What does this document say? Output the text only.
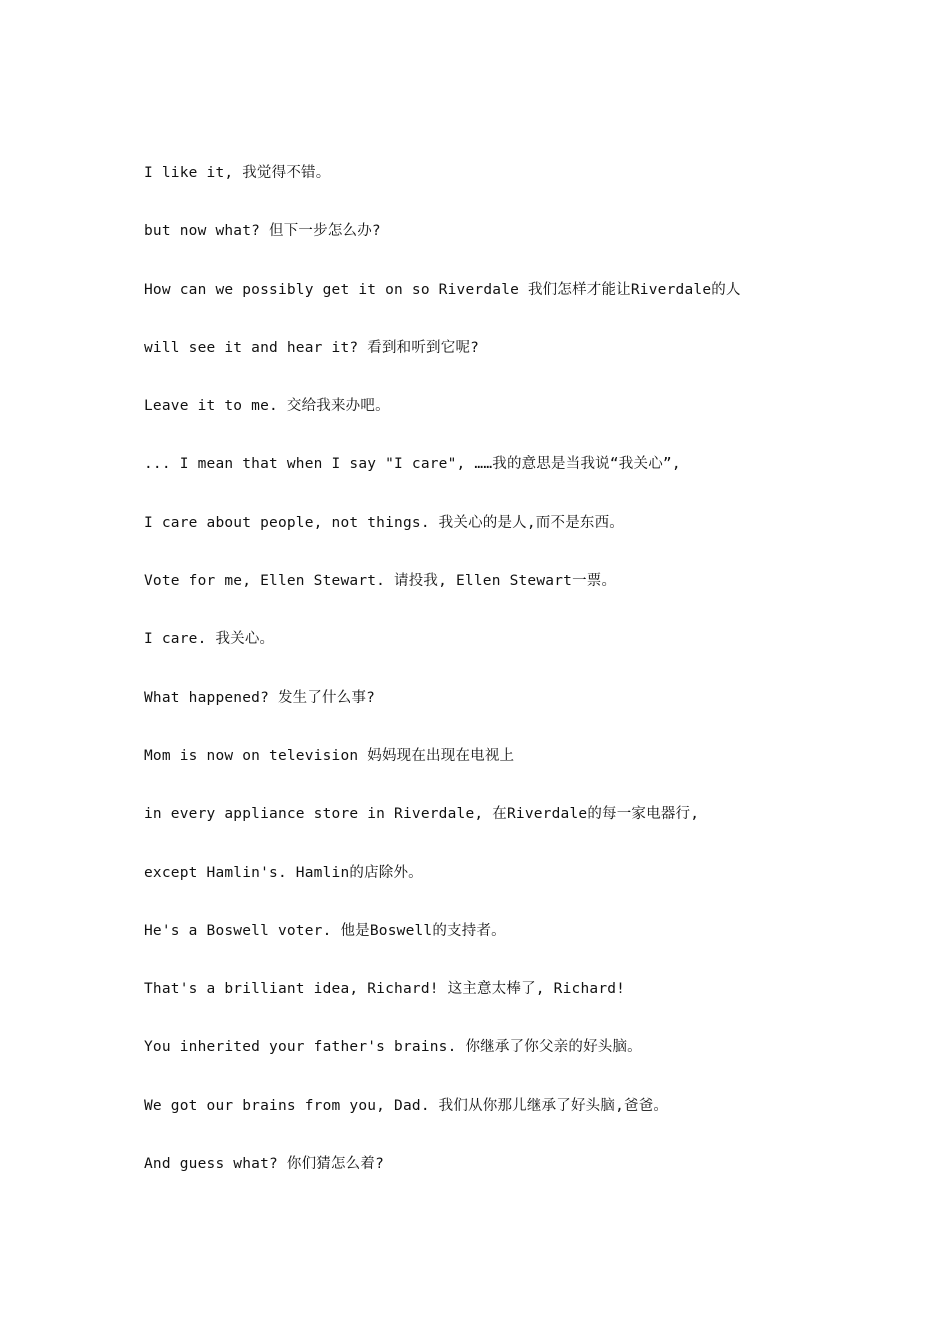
I like it, 我觉得不错。
but now what? 但下一步怎么办?
How can we possibly get it on so Riverdale 我们怎样才能让Riverdale的人
will see it and hear it? 看到和听到它呢?
Leave it to me. 交给我来办吧。
... I mean that when I say "I care", ……我的意思是当我说“我关心”,
I care about people, not things. 我关心的是人,而不是东西。
Vote for me, Ellen Stewart. 请投我, Ellen Stewart一票。
I care. 我关心。
What happened? 发生了什么事?
Mom is now on television 妈妈现在出现在电视上
in every appliance store in Riverdale, 在Riverdale的每一家电器行,
except Hamlin's. Hamlin的店除外。
He's a Boswell voter. 他是Boswell的支持者。
That's a brilliant idea, Richard! 这主意太棒了, Richard!
You inherited your father's brains. 你继承了你父亲的好头脑。
We got our brains from you, Dad. 我们从你那儿继承了好头脑,爸爸。
And guess what? 你们猜怎么着?
